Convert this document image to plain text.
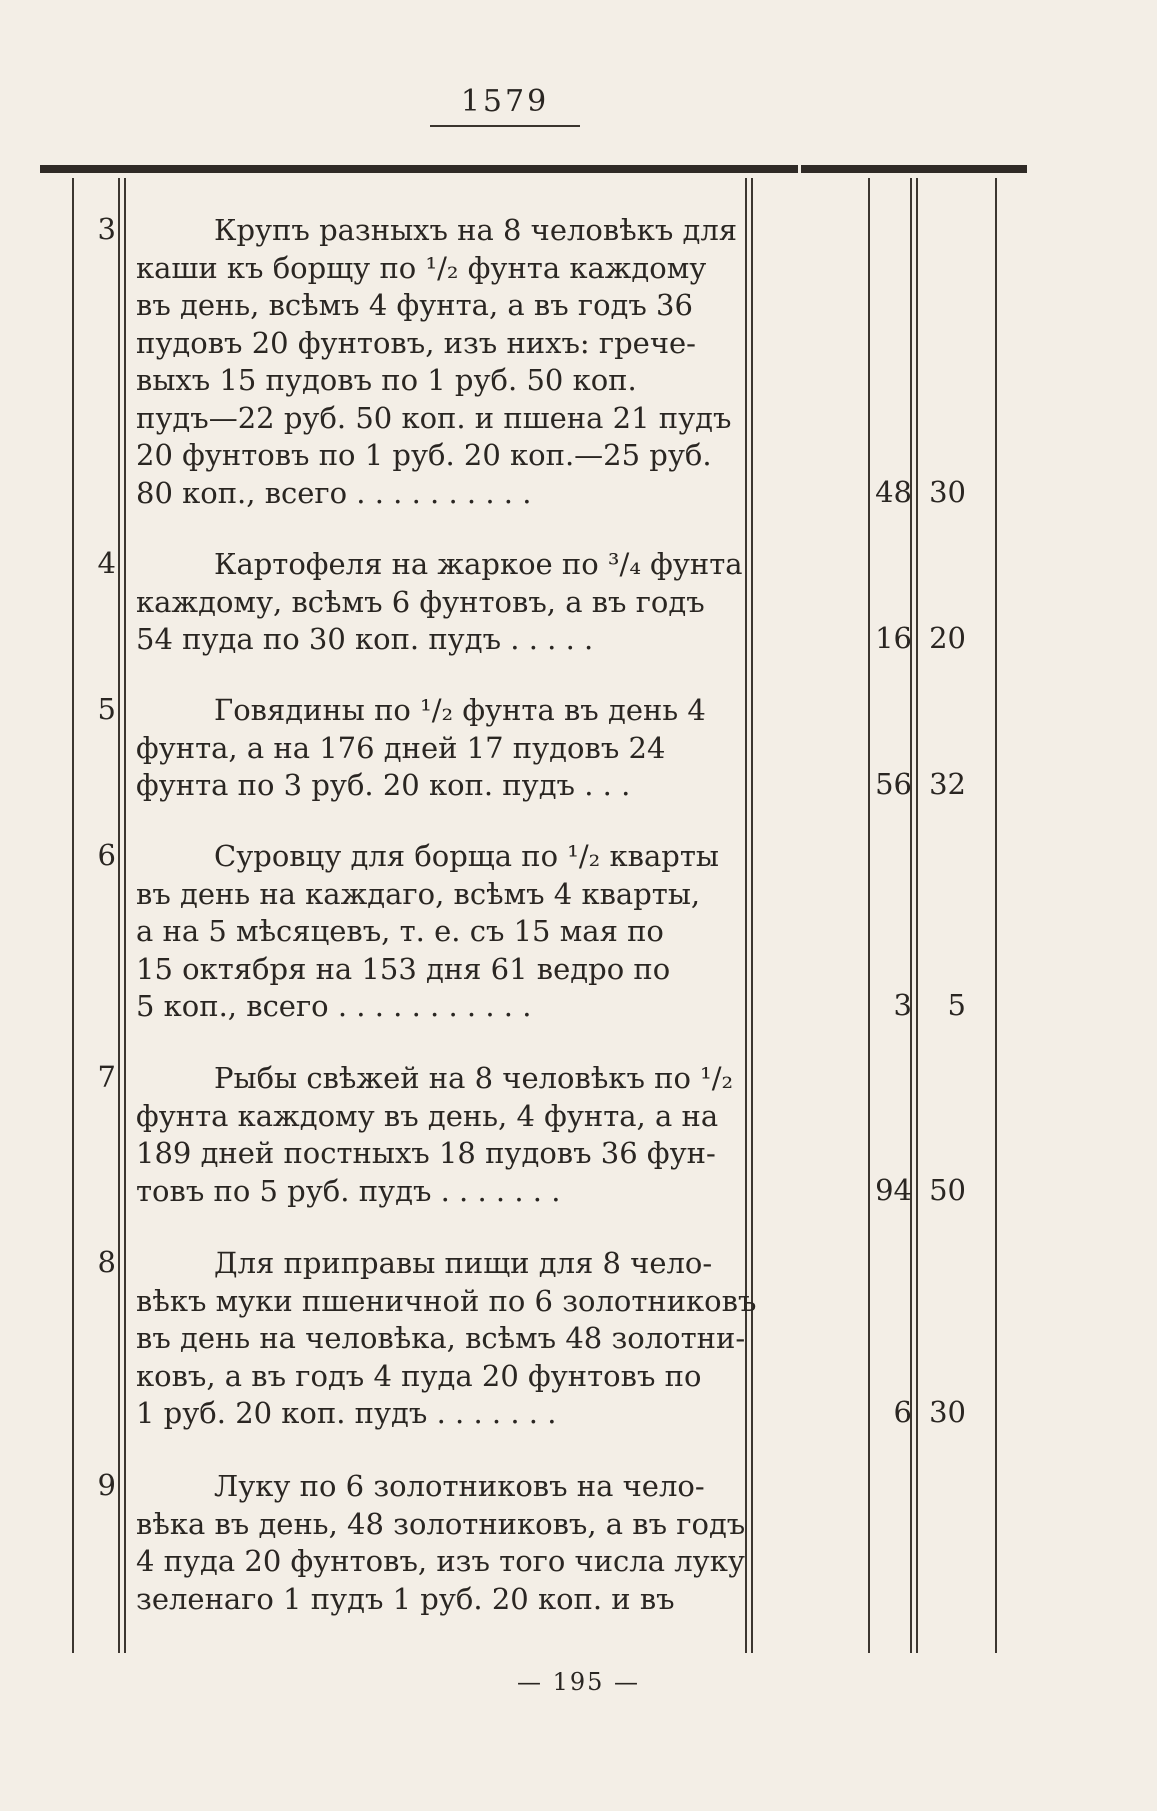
1579
3	Крупъ разныхъ на 8 человѣкъ для
каши къ борщу по ¹/₂ фунта каждому
въ день, всѣмъ 4 фунта, а въ годъ 36
пудовъ 20 фунтовъ, изъ нихъ: грече-
выхъ 15 пудовъ по 1 руб. 50 коп.
пудъ—22 руб. 50 коп. и пшена 21 пудъ
20 фунтовъ по 1 руб. 20 коп.—25 руб.
80 коп., всего . . . . . . . . . .	48 30
4	Картофеля на жаркое по ³/₄ фунта
каждому, всѣмъ 6 фунтовъ, а въ годъ
54 пуда по 30 коп. пудъ . . . . .	16 20
5	Говядины по ¹/₂ фунта въ день 4
фунта, а на 176 дней 17 пудовъ 24
фунта по 3 руб. 20 коп. пудъ . . .	56 32
6	Суровцу для борща по ¹/₂ кварты
въ день на каждаго, всѣмъ 4 кварты,
а на 5 мѣсяцевъ, т. е. съ 15 мая по
15 октября на 153 дня 61 ведро по
5 коп., всего . . . . . . . . . . .	3	5
7	Рыбы свѣжей на 8 человѣкъ по ¹/₂
фунта каждому въ день, 4 фунта, а на
189 дней постныхъ 18 пудовъ 36 фун-
товъ по 5 руб. пудъ . . . . . . .	94 50
8	Для приправы пищи для 8 чело-
вѣкъ муки пшеничной по 6 золотниковъ
въ день на человѣка, всѣмъ 48 золотни-
ковъ, а въ годъ 4 пуда 20 фунтовъ по
1 руб. 20 коп. пудъ . . . . . . .	6 30
9	Луку по 6 золотниковъ на чело-
вѣка въ день, 48 золотниковъ, а въ годъ
4 пуда 20 фунтовъ, изъ того числа луку
зеленаго 1 пудъ 1 руб. 20 коп. и въ
— 195 —
